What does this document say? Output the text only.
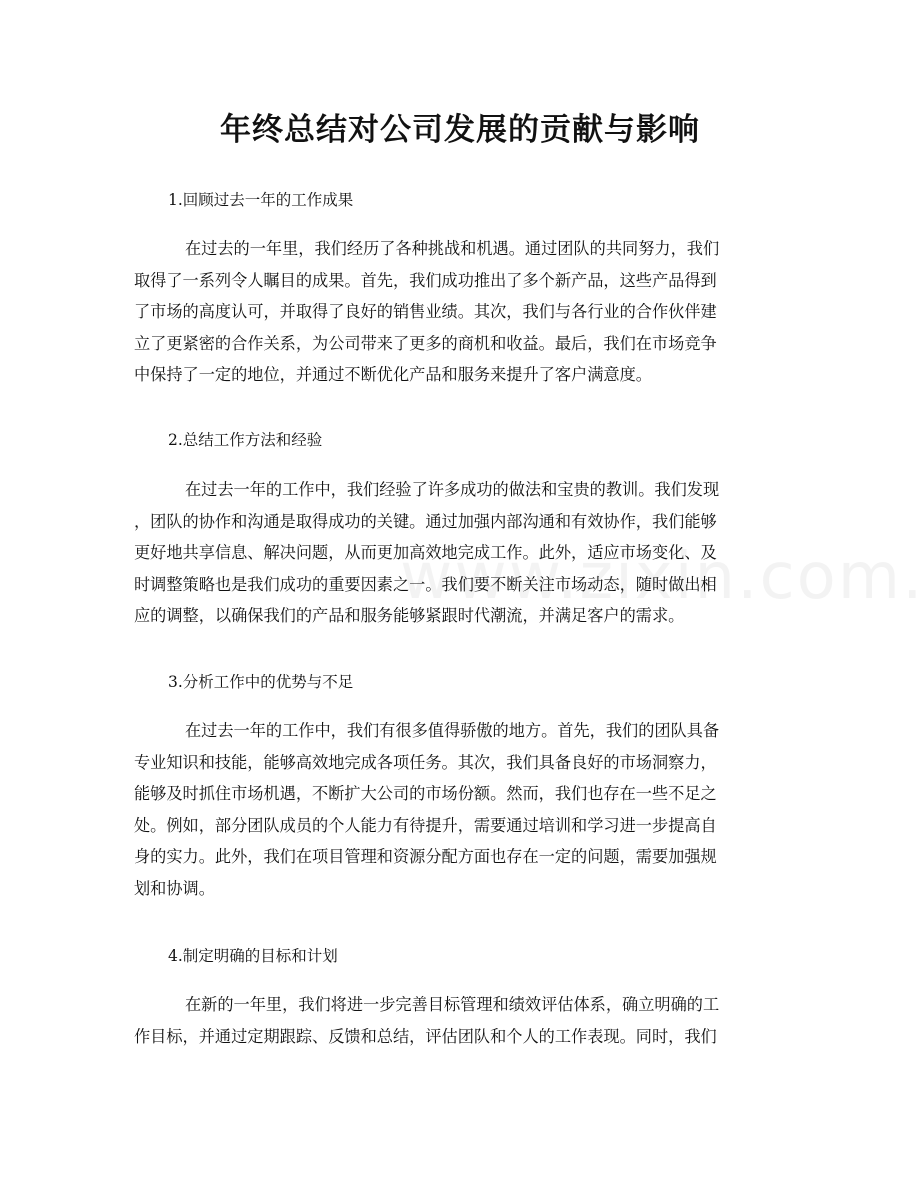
年终总结对公司发展的贡献与影响

1.回顾过去一年的工作成果

在过去的一年里，我们经历了各种挑战和机遇。通过团队的共同努力，我们
取得了一系列令人瞩目的成果。首先，我们成功推出了多个新产品，这些产品得到
了市场的高度认可，并取得了良好的销售业绩。其次，我们与各行业的合作伙伴建
立了更紧密的合作关系，为公司带来了更多的商机和收益。最后，我们在市场竞争
中保持了一定的地位，并通过不断优化产品和服务来提升了客户满意度。

2.总结工作方法和经验

在过去一年的工作中，我们经验了许多成功的做法和宝贵的教训。我们发现
，团队的协作和沟通是取得成功的关键。通过加强内部沟通和有效协作，我们能够
更好地共享信息、解决问题，从而更加高效地完成工作。此外，适应市场变化、及
时调整策略也是我们成功的重要因素之一。我们要不断关注市场动态，随时做出相
应的调整，以确保我们的产品和服务能够紧跟时代潮流，并满足客户的需求。

3.分析工作中的优势与不足

在过去一年的工作中，我们有很多值得骄傲的地方。首先，我们的团队具备
专业知识和技能，能够高效地完成各项任务。其次，我们具备良好的市场洞察力，
能够及时抓住市场机遇，不断扩大公司的市场份额。然而，我们也存在一些不足之
处。例如，部分团队成员的个人能力有待提升，需要通过培训和学习进一步提高自
身的实力。此外，我们在项目管理和资源分配方面也存在一定的问题，需要加强规
划和协调。

4.制定明确的目标和计划

在新的一年里，我们将进一步完善目标管理和绩效评估体系，确立明确的工
作目标，并通过定期跟踪、反馈和总结，评估团队和个人的工作表现。同时，我们
